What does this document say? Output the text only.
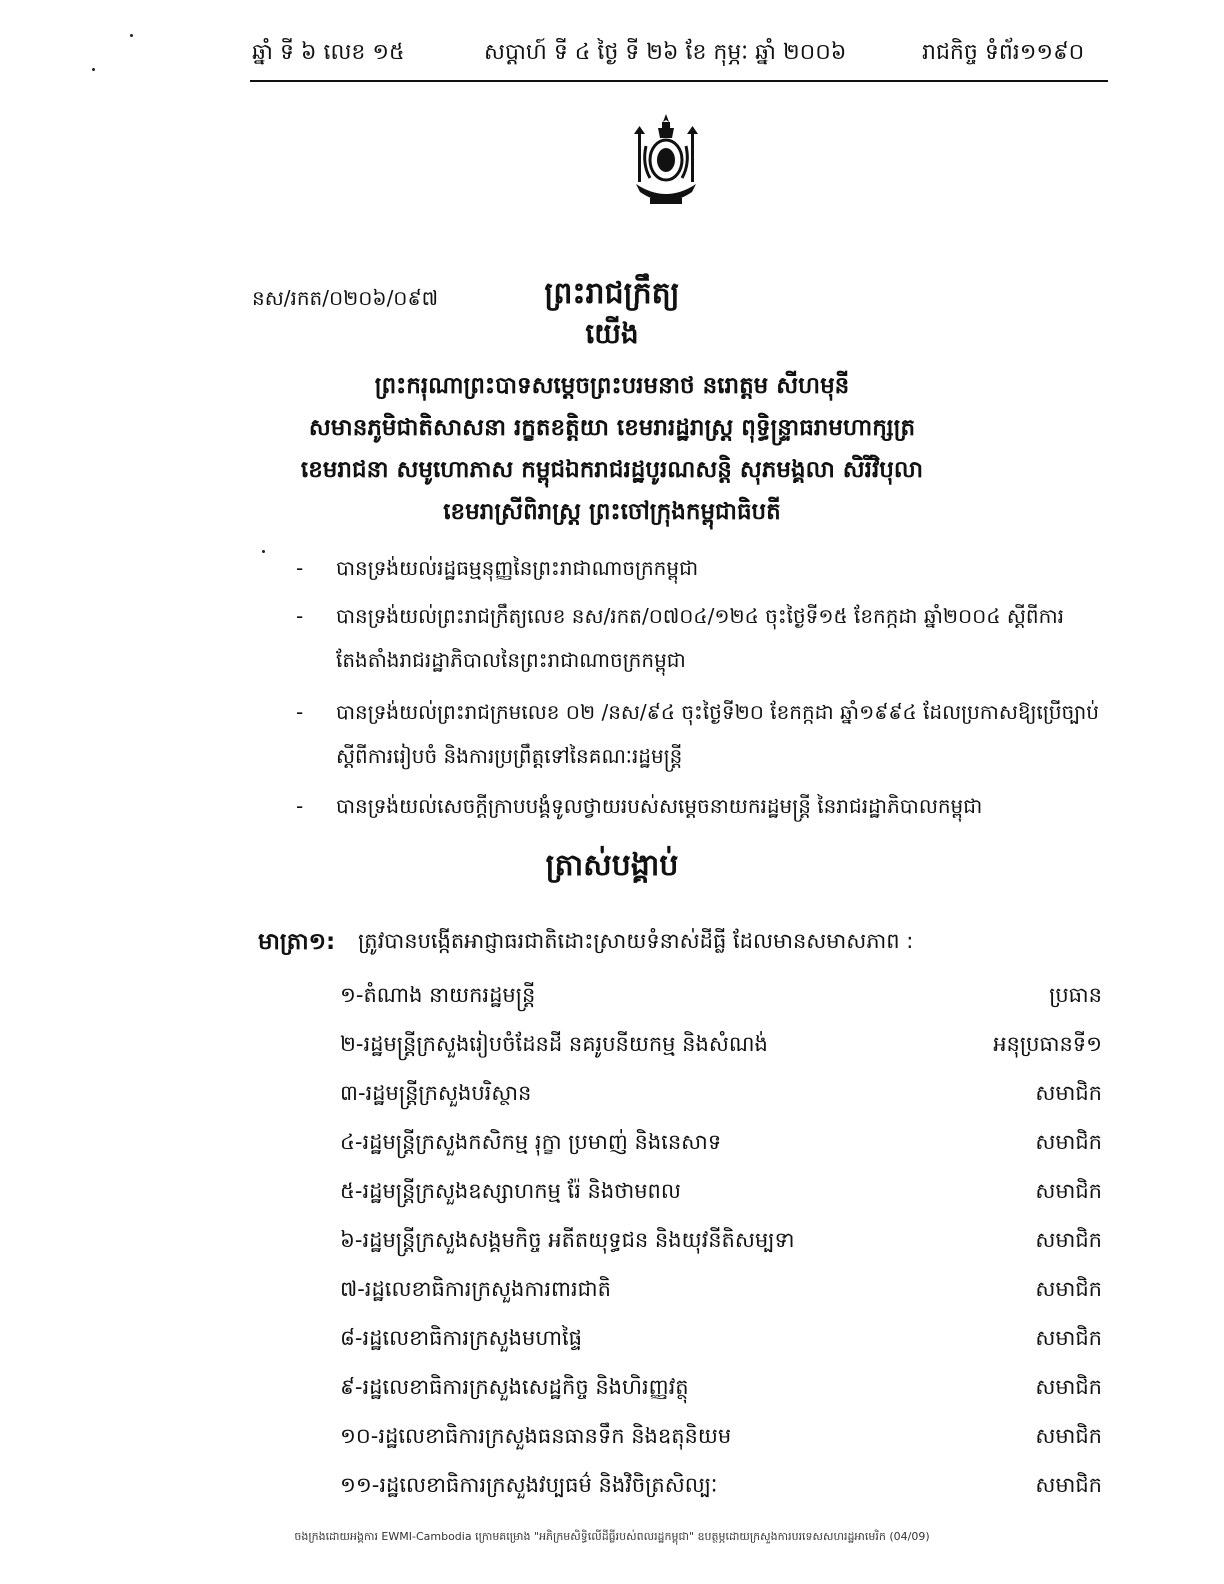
ឆ្នាំ ទី ៦ លេខ ១៥	សប្តាហ៍ ទី ៤ ថ្ងៃ ទី ២៦ ខែ កុម្ភៈ ឆ្នាំ ២០០៦	រាជកិច្ច ទំព័រ១១៩០
នស/រកត/០២០៦/០៩៧	ព្រះរាជក្រឹត្យ
យើង
ព្រះករុណាព្រះបាទសម្តេចព្រះបរមនាថ នរោត្តម សីហមុនី
សមានភូមិជាតិសាសនា រក្ខតខត្តិយា ខេមរារដ្ឋរាស្ត្រ ពុទ្ធិន្ទ្រាធរាមហាក្សត្រ
ខេមរាជនា សមូហោភាស កម្ពុជឯករាជរដ្ឋបូរណសន្តិ សុភមង្គលា សិរីវិបុលា
ខេមរាស្រីពិរាស្ត្រ ព្រះចៅក្រុងកម្ពុជាធិបតី
- បានទ្រង់យល់រដ្ឋធម្មនុញ្ញនៃព្រះរាជាណាចក្រកម្ពុជា
- បានទ្រង់យល់ព្រះរាជក្រឹត្យលេខ នស/រកត/០៧០៤/១២៤ ចុះថ្ងៃទី១៥ ខែកក្កដា ឆ្នាំ២០០៤ ស្តីពីការតែងតាំងរាជរដ្ឋាភិបាលនៃព្រះរាជាណាចក្រកម្ពុជា
- បានទ្រង់យល់ព្រះរាជក្រមលេខ ០២ /នស/៩៤ ចុះថ្ងៃទី២០ ខែកក្កដា ឆ្នាំ១៩៩៤ ដែលប្រកាសឱ្យប្រើច្បាប់ស្តីពីការរៀបចំ និងការប្រព្រឹត្តទៅនៃគណៈរដ្ឋមន្ត្រី
- បានទ្រង់យល់សេចក្តីក្រាបបង្គំទូលថ្វាយរបស់សម្តេចនាយករដ្ឋមន្ត្រី នៃរាជរដ្ឋាភិបាលកម្ពុជា
ត្រាស់បង្គាប់
មាត្រា១: ត្រូវបានបង្កើតអាជ្ញាធរជាតិដោះស្រាយទំនាស់ដីធ្លី ដែលមានសមាសភាព :
១-តំណាង នាយករដ្ឋមន្ត្រី	ប្រធាន
២-រដ្ឋមន្ត្រីក្រសួងរៀបចំដែនដី នគរូបនីយកម្ម និងសំណង់	អនុប្រធានទី១
៣-រដ្ឋមន្ត្រីក្រសួងបរិស្ថាន	សមាជិក
៤-រដ្ឋមន្ត្រីក្រសួងកសិកម្ម រុក្ខា ប្រមាញ់ និងនេសាទ	សមាជិក
៥-រដ្ឋមន្ត្រីក្រសួងឧស្សាហកម្ម រ៉ែ និងថាមពល	សមាជិក
៦-រដ្ឋមន្ត្រីក្រសួងសង្គមកិច្ច អតីតយុទ្ធជន និងយុវនីតិសម្បទា	សមាជិក
៧-រដ្ឋលេខាធិការក្រសួងការពារជាតិ	សមាជិក
៨-រដ្ឋលេខាធិការក្រសួងមហាផ្ទៃ	សមាជិក
៩-រដ្ឋលេខាធិការក្រសួងសេដ្ឋកិច្ច និងហិរញ្ញវត្ថុ	សមាជិក
១០-រដ្ឋលេខាធិការក្រសួងធនធានទឹក និងឧតុនិយម	សមាជិក
១១-រដ្ឋលេខាធិការក្រសួងវប្បធម៌ និងវិចិត្រសិល្បៈ	សមាជិក
ចងក្រងដោយអង្គការ EWMI-Cambodia ក្រោមគម្រោង "អភិក្រមសិទ្ធិលើដីធ្លីរបស់ពលរដ្ឋកម្ពុជា" ឧបត្ថម្ភដោយក្រសួងការបរទេសសហរដ្ឋអាមេរិក (04/09)
